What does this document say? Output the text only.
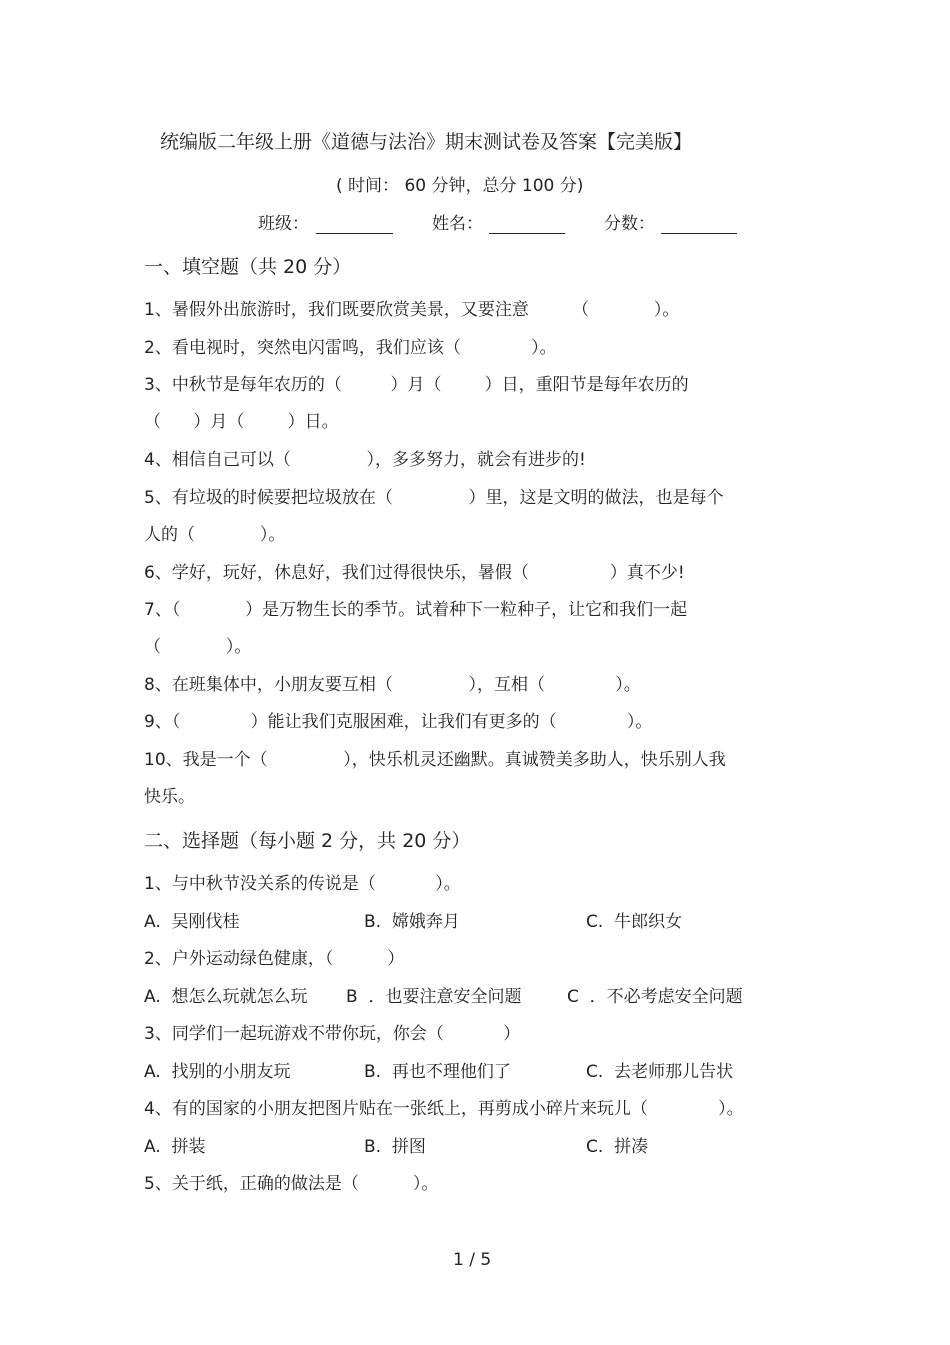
统编版二年级上册《道德与法治》期末测试卷及答案【完美版】
( 时间： 60 分钟，总分 100 分)
班级：	姓名：	分数：
一、填空题（共 20 分）
1、暑假外出旅游时，我们既要欣赏美景，又要注意        （            ）。
2、看电视时，突然电闪雷鸣，我们应该（             ）。
3、中秋节是每年农历的（         ）月（        ）日，重阳节是每年农历的
（      ）月（        ）日。
4、相信自己可以（              ），多多努力，就会有进步的!
5、有垃圾的时候要把垃圾放在（              ）里，这是文明的做法，也是每个
人的（            ）。
6、学好，玩好，休息好，我们过得很快乐，暑假（               ）真不少!
7、（            ）是万物生长的季节。试着种下一粒种子，让它和我们一起
（            ）。
8、在班集体中，小朋友要互相（              ），互相（             ）。
9、（             ）能让我们克服困难，让我们有更多的（             ）。
10、我是一个（              ），快乐机灵还幽默。真诚赞美多助人，快乐别人我
快乐。
二、选择题（每小题 2 分，共 20 分）
1、与中秋节没关系的传说是（           ）。
A.  吴刚伐桂	B.  嫦娥奔月	C.  牛郎织女
2、户外运动绿色健康，（          ）
A.  想怎么玩就怎么玩 B  ．也要注意安全问题	C  ．不必考虑安全问题
3、同学们一起玩游戏不带你玩，你会（           ）
A.  找别的小朋友玩	B.  再也不理他们了	C.  去老师那儿告状
4、有的国家的小朋友把图片贴在一张纸上，再剪成小碎片来玩儿（             ）。
A.  拼装	B.  拼图	C.  拼凑
5、关于纸，正确的做法是（          ）。
1 / 5
